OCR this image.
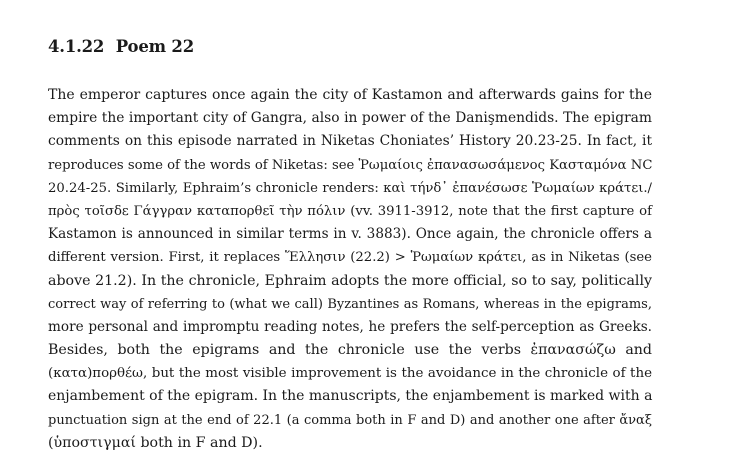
4.1.22 Poem 22
The emperor captures once again the city of Kastamon and afterwards gains for the
empire the important city of Gangra, also in power of the Danişmendids. The epigram
comments on this episode narrated in Niketas Choniates’ History 20.23-25. In fact, it
reproduces some of the words of Niketas: see Ῥωμαίοις ἐπανασωσάμενος Κασταμόνα NC
20.24-25. Similarly, Ephraim’s chronicle renders: καὶ τήνδ᾽ ἐπανέσωσε Ῥωμαίων κράτει./
πρὸς τοῖσδε Γάγγραν καταπορθεῖ τὴν πόλιν (vv. 3911-3912, note that the first capture of
Kastamon is announced in similar terms in v. 3883). Once again, the chronicle offers a
different version. First, it replaces Ἕλλησιν (22.2) > Ῥωμαίων κράτει, as in Niketas (see
above 21.2). In the chronicle, Ephraim adopts the more official, so to say, politically
correct way of referring to (what we call) Byzantines as Romans, whereas in the epigrams,
more personal and impromptu reading notes, he prefers the self-perception as Greeks.
Besides, both the epigrams and the chronicle use the verbs ἐπανασώζω and
(κατα)πορθέω, but the most visible improvement is the avoidance in the chronicle of the
enjambement of the epigram. In the manuscripts, the enjambement is marked with a
punctuation sign at the end of 22.1 (a comma both in F and D) and another one after ἄναξ
(ὑποστιγμαί both in F and D).
